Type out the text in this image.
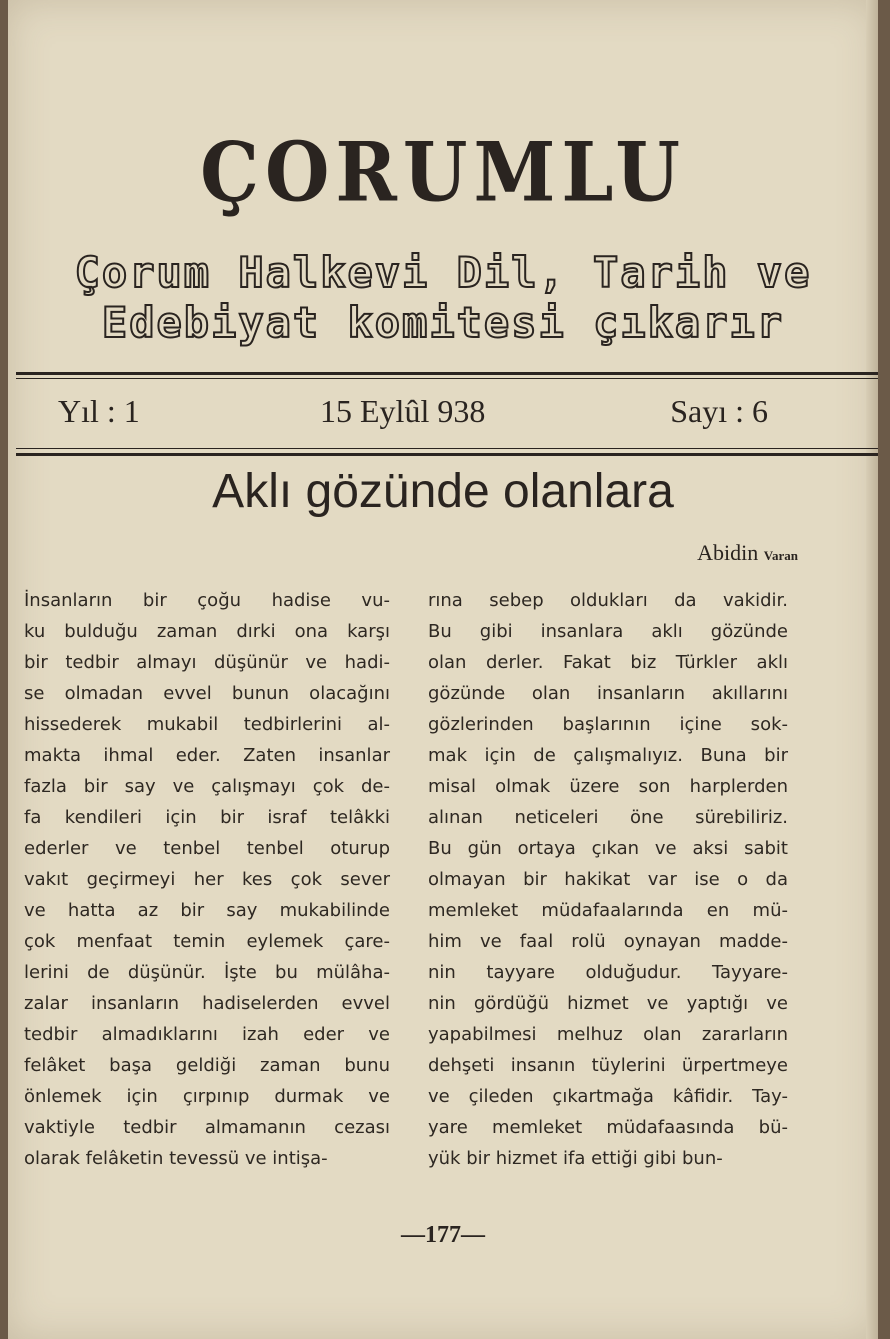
ÇORUMLU
Çorum Halkevi Dil, Tarih ve
Edebiyat komitesi çıkarır
Yıl : 1	15 Eylûl 938	Sayı : 6
Aklı gözünde olanlara
Abidin Varan
İnsanların bir çoğu hadise vu-
ku bulduğu zaman dırki ona karşı
bir tedbir almayı düşünür ve hadi-
se olmadan evvel bunun olacağını
hissederek mukabil tedbirlerini al-
makta ihmal eder. Zaten insanlar
fazla bir say ve çalışmayı çok de-
fa kendileri için bir israf telâkki
ederler ve tenbel tenbel oturup
vakıt geçirmeyi her kes çok sever
ve hatta az bir say mukabilinde
çok menfaat temin eylemek çare-
lerini de düşünür. İşte bu mülâha-
zalar insanların hadiselerden evvel
tedbir almadıklarını izah eder ve
felâket başa geldiği zaman bunu
önlemek için çırpınıp durmak ve
vaktiyle tedbir almamanın cezası
olarak felâketin tevessü ve intişa-
rına sebep oldukları da vakidir.
Bu gibi insanlara aklı gözünde
olan derler. Fakat biz Türkler aklı
gözünde olan insanların akıllarını
gözlerinden başlarının içine sok-
mak için de çalışmalıyız. Buna bir
misal olmak üzere son harplerden
alınan neticeleri öne sürebiliriz.
Bu gün ortaya çıkan ve aksi sabit
olmayan bir hakikat var ise o da
memleket müdafaalarında en mü-
him ve faal rolü oynayan madde-
nin tayyare olduğudur. Tayyare-
nin gördüğü hizmet ve yaptığı ve
yapabilmesi melhuz olan zararların
dehşeti insanın tüylerini ürpertmeye
ve çileden çıkartmağa kâfidir. Tay-
yare memleket müdafaasında bü-
yük bir hizmet ifa ettiği gibi bun-
—177—
